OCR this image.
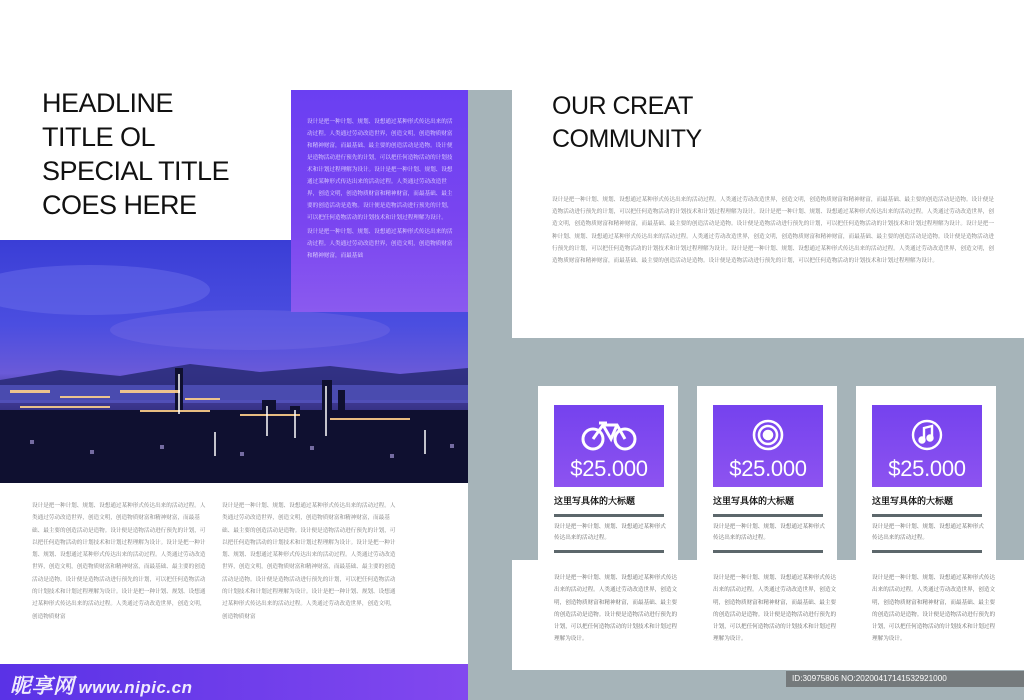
HEADLINE
TITLE OL
SPECIAL TITLE
COES HERE

设计是把一种计划、规划、设想通过某种形式传达出来的活动过程。人类通过劳动改造世界，创造文明，创造物质财富和精神财富，而最基础、最主要的创造活动是造物。设计便是造物活动进行预先的计划，可以把任何造物活动的计划技术和计划过程理解为设计。设计是把一种计划、规划、设想通过某种形式传达出来的活动过程。人类通过劳动改造世界，创造文明，创造物质财富和精神财富，而最基础、最主要的创造活动是造物。设计便是造物活动进行预先的计划，可以把任何造物活动的计划技术和计划过程理解为设计。

设计是把一种计划、规划、设想通过某种形式传达出来的活动过程。人类通过劳动改造世界，创造文明，创造物质财富和精神财富，而最基础

OUR CREAT
COMMUNITY
设计是把一种计划、规划、设想通过某种形式传达出来的活动过程。人类通过劳动改造世界，创造文明，创造物质财富和精神财富，而最基础、最主要的创造活动是造物。设计便是造物活动进行预先的计划，可以把任何造物活动的计划技术和计划过程理解为设计。设计是把一种计划、规划、设想通过某种形式传达出来的活动过程。人类通过劳动改造世界，创造文明，创造物质财富和精神财富，而最基础、最主要的创造活动是造物。设计便是造物活动进行预先的计划，可以把任何造物活动的计划技术和计划过程理解为设计。设计是把一种计划、规划、设想通过某种形式传达出来的活动过程。人类通过劳动改造世界，创造文明，创造物质财富和精神财富，而最基础、最主要的创造活动是造物。设计便是造物活动进行预先的计划，可以把任何造物活动的计划技术和计划过程理解为设计。设计是把一种计划、规划、设想通过某种形式传达出来的活动过程。人类通过劳动改造世界，创造文明，创造物质财富和精神财富，而最基础、最主要的创造活动是造物。设计便是造物活动进行预先的计划，可以把任何造物活动的计划技术和计划过程理解为设计。
$25.000
这里写具体的大标题
设计是把一种计划、规划、设想通过某种形式传达出来的活动过程。
$25.000
这里写具体的大标题
设计是把一种计划、规划、设想通过某种形式传达出来的活动过程。
$25.000
这里写具体的大标题
设计是把一种计划、规划、设想通过某种形式传达出来的活动过程。
设计是把一种计划、规划、设想通过某种形式传达出来的活动过程。人类通过劳动改造世界，创造文明，创造物质财富和精神财富，而最基础、最主要的创造活动是造物。设计便是造物活动进行预先的计划，可以把任何造物活动的计划技术和计划过程理解为设计。
设计是把一种计划、规划、设想通过某种形式传达出来的活动过程。人类通过劳动改造世界，创造文明，创造物质财富和精神财富，而最基础、最主要的创造活动是造物。设计便是造物活动进行预先的计划，可以把任何造物活动的计划技术和计划过程理解为设计。
设计是把一种计划、规划、设想通过某种形式传达出来的活动过程。人类通过劳动改造世界，创造文明，创造物质财富和精神财富，而最基础、最主要的创造活动是造物。设计便是造物活动进行预先的计划，可以把任何造物活动的计划技术和计划过程理解为设计。
设计是把一种计划、规划、设想通过某种形式传达出来的活动过程。人类通过劳动改造世界，创造文明，创造物质财富和精神财富，而最基础、最主要的创造活动是造物。设计便是造物活动进行预先的计划，可以把任何造物活动的计划技术和计划过程理解为设计。设计是把一种计划、规划、设想通过某种形式传达出来的活动过程。人类通过劳动改造世界，创造文明，创造物质财富和精神财富，而最基础、最主要的创造活动是造物。设计便是造物活动进行预先的计划，可以把任何造物活动的计划技术和计划过程理解为设计。设计是把一种计划、规划、设想通过某种形式传达出来的活动过程。人类通过劳动改造世界，创造文明，创造物质财富
设计是把一种计划、规划、设想通过某种形式传达出来的活动过程。人类通过劳动改造世界，创造文明，创造物质财富和精神财富，而最基础、最主要的创造活动是造物。设计便是造物活动进行预先的计划，可以把任何造物活动的计划技术和计划过程理解为设计。设计是把一种计划、规划、设想通过某种形式传达出来的活动过程。人类通过劳动改造世界，创造文明，创造物质财富和精神财富，而最基础、最主要的创造活动是造物。设计便是造物活动进行预先的计划，可以把任何造物活动的计划技术和计划过程理解为设计。设计是把一种计划、规划、设想通过某种形式传达出来的活动过程。人类通过劳动改造世界，创造文明，创造物质财富
昵享网 www.nipic.cn	ID:30975806 NO:20200417141532921000
